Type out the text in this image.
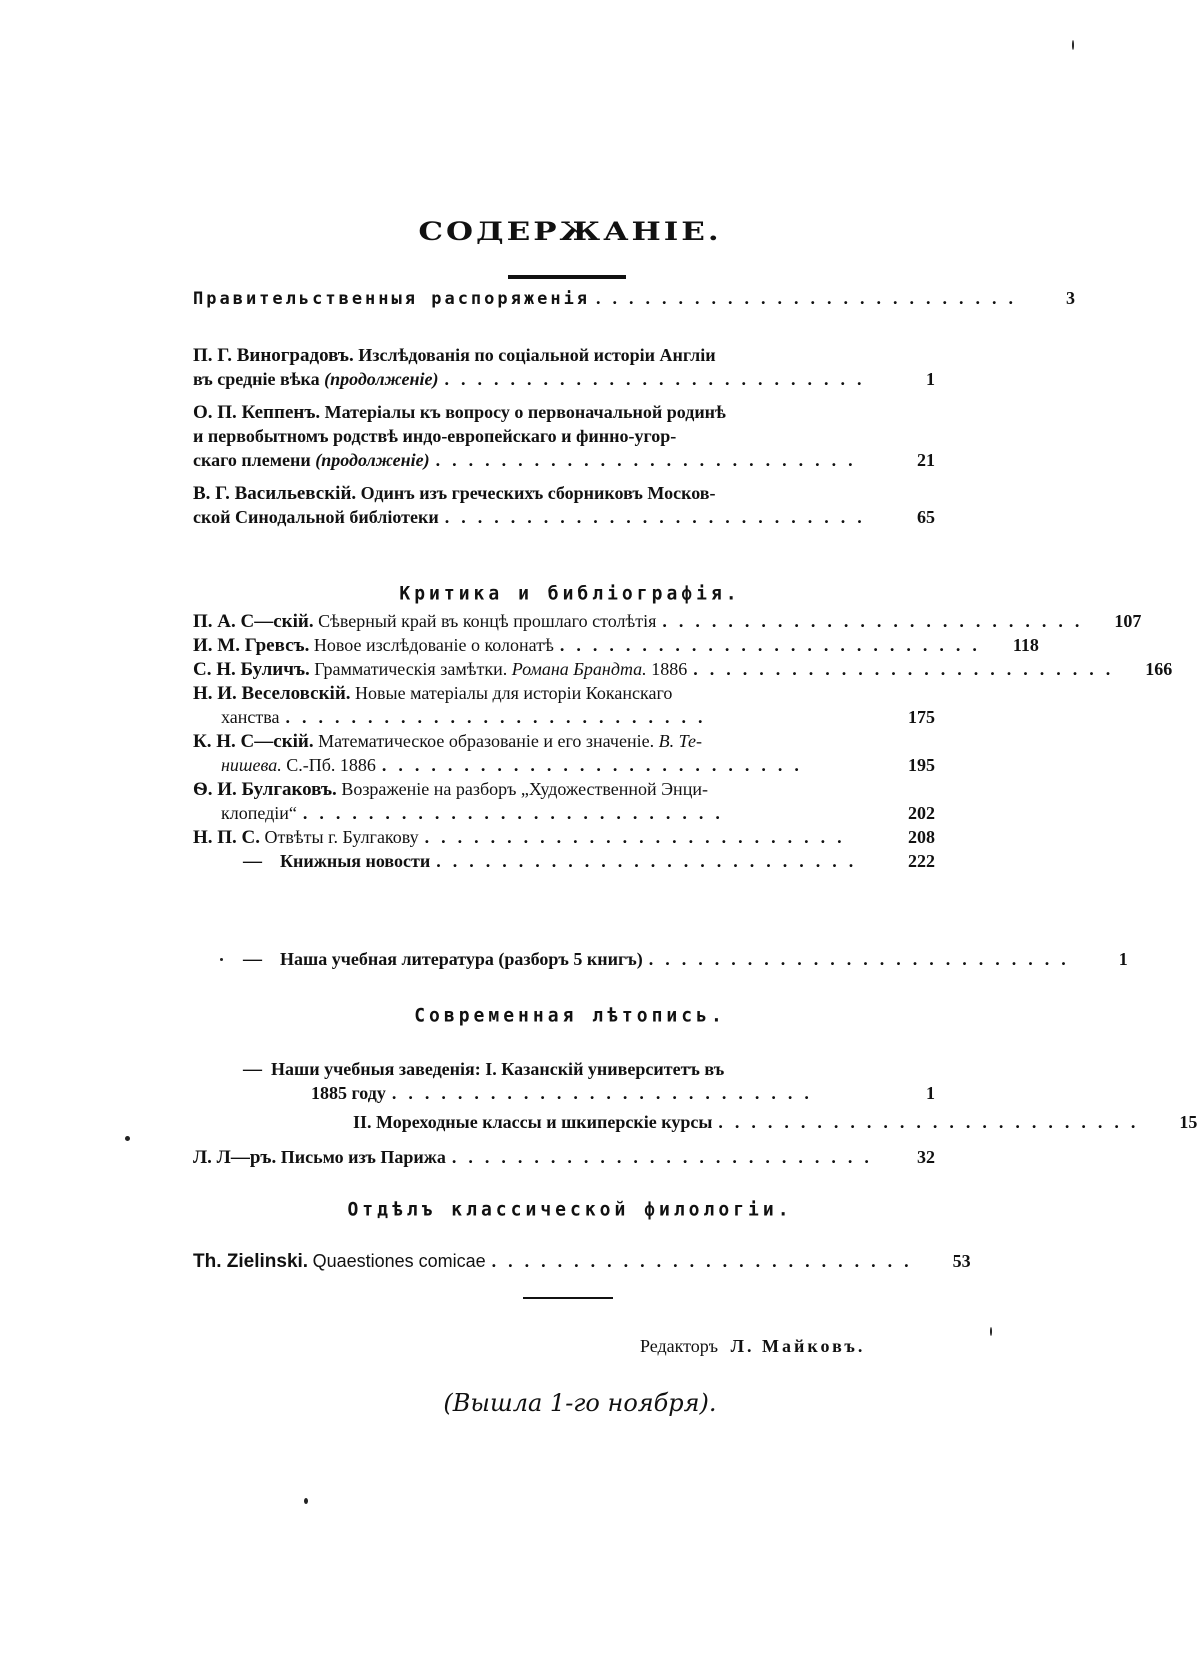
СОДЕРЖАНІЕ.
Правительственныя распоряженія ..........................	3
П. Г. Виноградовъ. Изслѣдованія по соціальной исторіи Англіи
въ средніе вѣка (продолженіе) ..........................	1
О. П. Кеппенъ. Матеріалы къ вопросу о первоначальной родинѣ
и первобытномъ родствѣ индо-европейскаго и финно-угор-
скаго племени (продолженіе) ..........................	21
В. Г. Васильевскій. Одинъ изъ греческихъ сборниковъ Москов-
ской Синодальной библіотеки ..........................	65
Критика и библіографія.
П. А. С—скій. Сѣверный край въ концѣ прошлаго столѣтія ..........................	107
И. М. Гревсъ. Новое изслѣдованіе о колонатѣ ..........................	118
С. Н. Буличъ. Грамматическія замѣтки. Романа Брандта. 1886 ..........................	166
Н. И. Веселовскій. Новые матеріалы для исторіи Коканскаго
ханства ..........................	175
К. Н. С—скій. Математическое образованіе и его значеніе. В. Те-
нишева. С.-Пб. 1886 ..........................	195
Ѳ. И. Булгаковъ. Возраженіе на разборъ „Художественной Энци-
клопедіи“ ..........................	202
Н. П. С. Отвѣты г. Булгакову ..........................	208
— Книжныя новости ..........................	222
— Наша учебная литература (разборъ 5 книгъ) ..........................	1
Современная лѣтопись.
— Наши учебныя заведенія: I. Казанскій университетъ въ
1885 году ..........................	1
II. Мореходные классы и шкиперскіе курсы ..........................	15
Л. Л—ръ. Письмо изъ Парижа ..........................	32
Отдѣлъ классической филологіи.
Th. Zielinski. Quaestiones comicae ..........................	53
Редакторъ Л. Майковъ.
(Вышла 1-го ноября).
